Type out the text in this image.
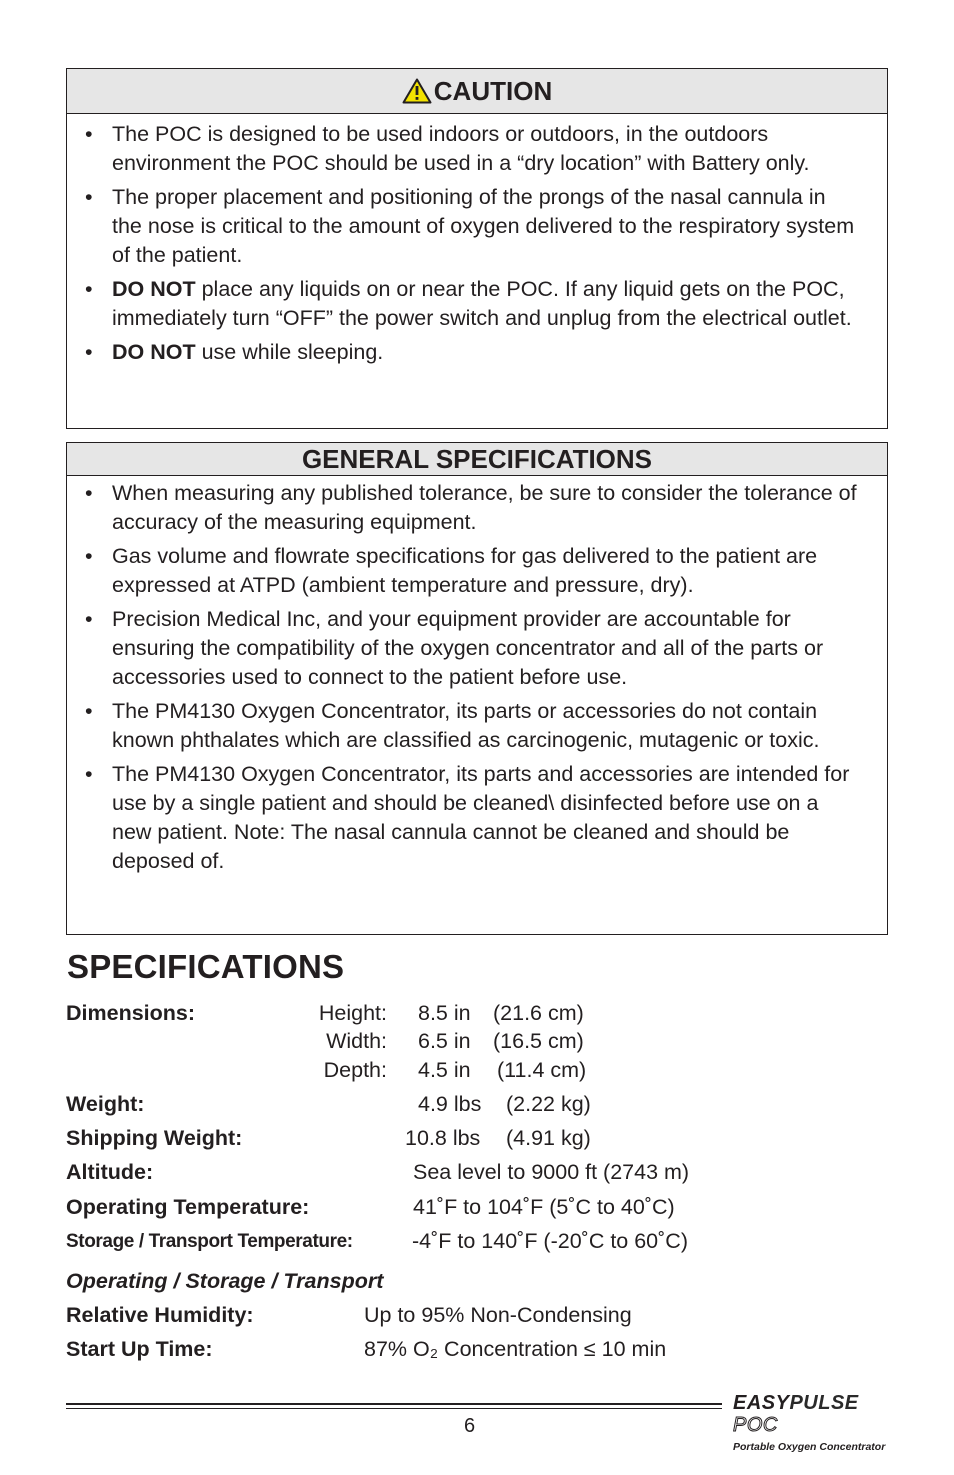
CAUTION
• The POC is designed to be used indoors or outdoors, in the outdoors environment the POC should be used in a “dry location” with Battery only.
• The proper placement and positioning of the prongs of the nasal cannula in the nose is critical to the amount of oxygen delivered to the respiratory system of the patient.
• DO NOT place any liquids on or near the POC. If any liquid gets on the POC, immediately turn “OFF” the power switch and unplug from the electrical outlet.
• DO NOT use while sleeping.
GENERAL SPECIFICATIONS
• When measuring any published tolerance, be sure to consider the tolerance of accuracy of the measuring equipment.
• Gas volume and flowrate specifications for gas delivered to the patient are expressed at ATPD (ambient temperature and pressure, dry).
• Precision Medical Inc, and your equipment provider are accountable for ensuring the compatibility of the oxygen concentrator and all of the parts or accessories used to connect to the patient before use.
• The PM4130 Oxygen Concentrator, its parts or accessories do not contain known phthalates which are classified as carcinogenic, mutagenic or toxic.
• The PM4130 Oxygen Concentrator, its parts and accessories are intended for use by a single patient and should be cleaned\ disinfected before use on a new patient. Note: The nasal cannula cannot be cleaned and should be deposed of.
SPECIFICATIONS
Dimensions:	Height: 8.5 in (21.6 cm)
Width: 6.5 in (16.5 cm)
Depth: 4.5 in (11.4 cm)
Weight:	4.9 lbs (2.22 kg)
Shipping Weight:	10.8 lbs (4.91 kg)
Altitude:	Sea level to 9000 ft (2743 m)
Operating Temperature:	41˚F to 104˚F (5˚C to 40˚C)
Storage / Transport Temperature:	-4˚F to 140˚F (-20˚C to 60˚C)
Operating / Storage / Transport
Relative Humidity:	Up to 95% Non-Condensing
Start Up Time:	87% O₂ Concentration ≤ 10 min
6
EASYPULSE POC
Portable Oxygen Concentrator
